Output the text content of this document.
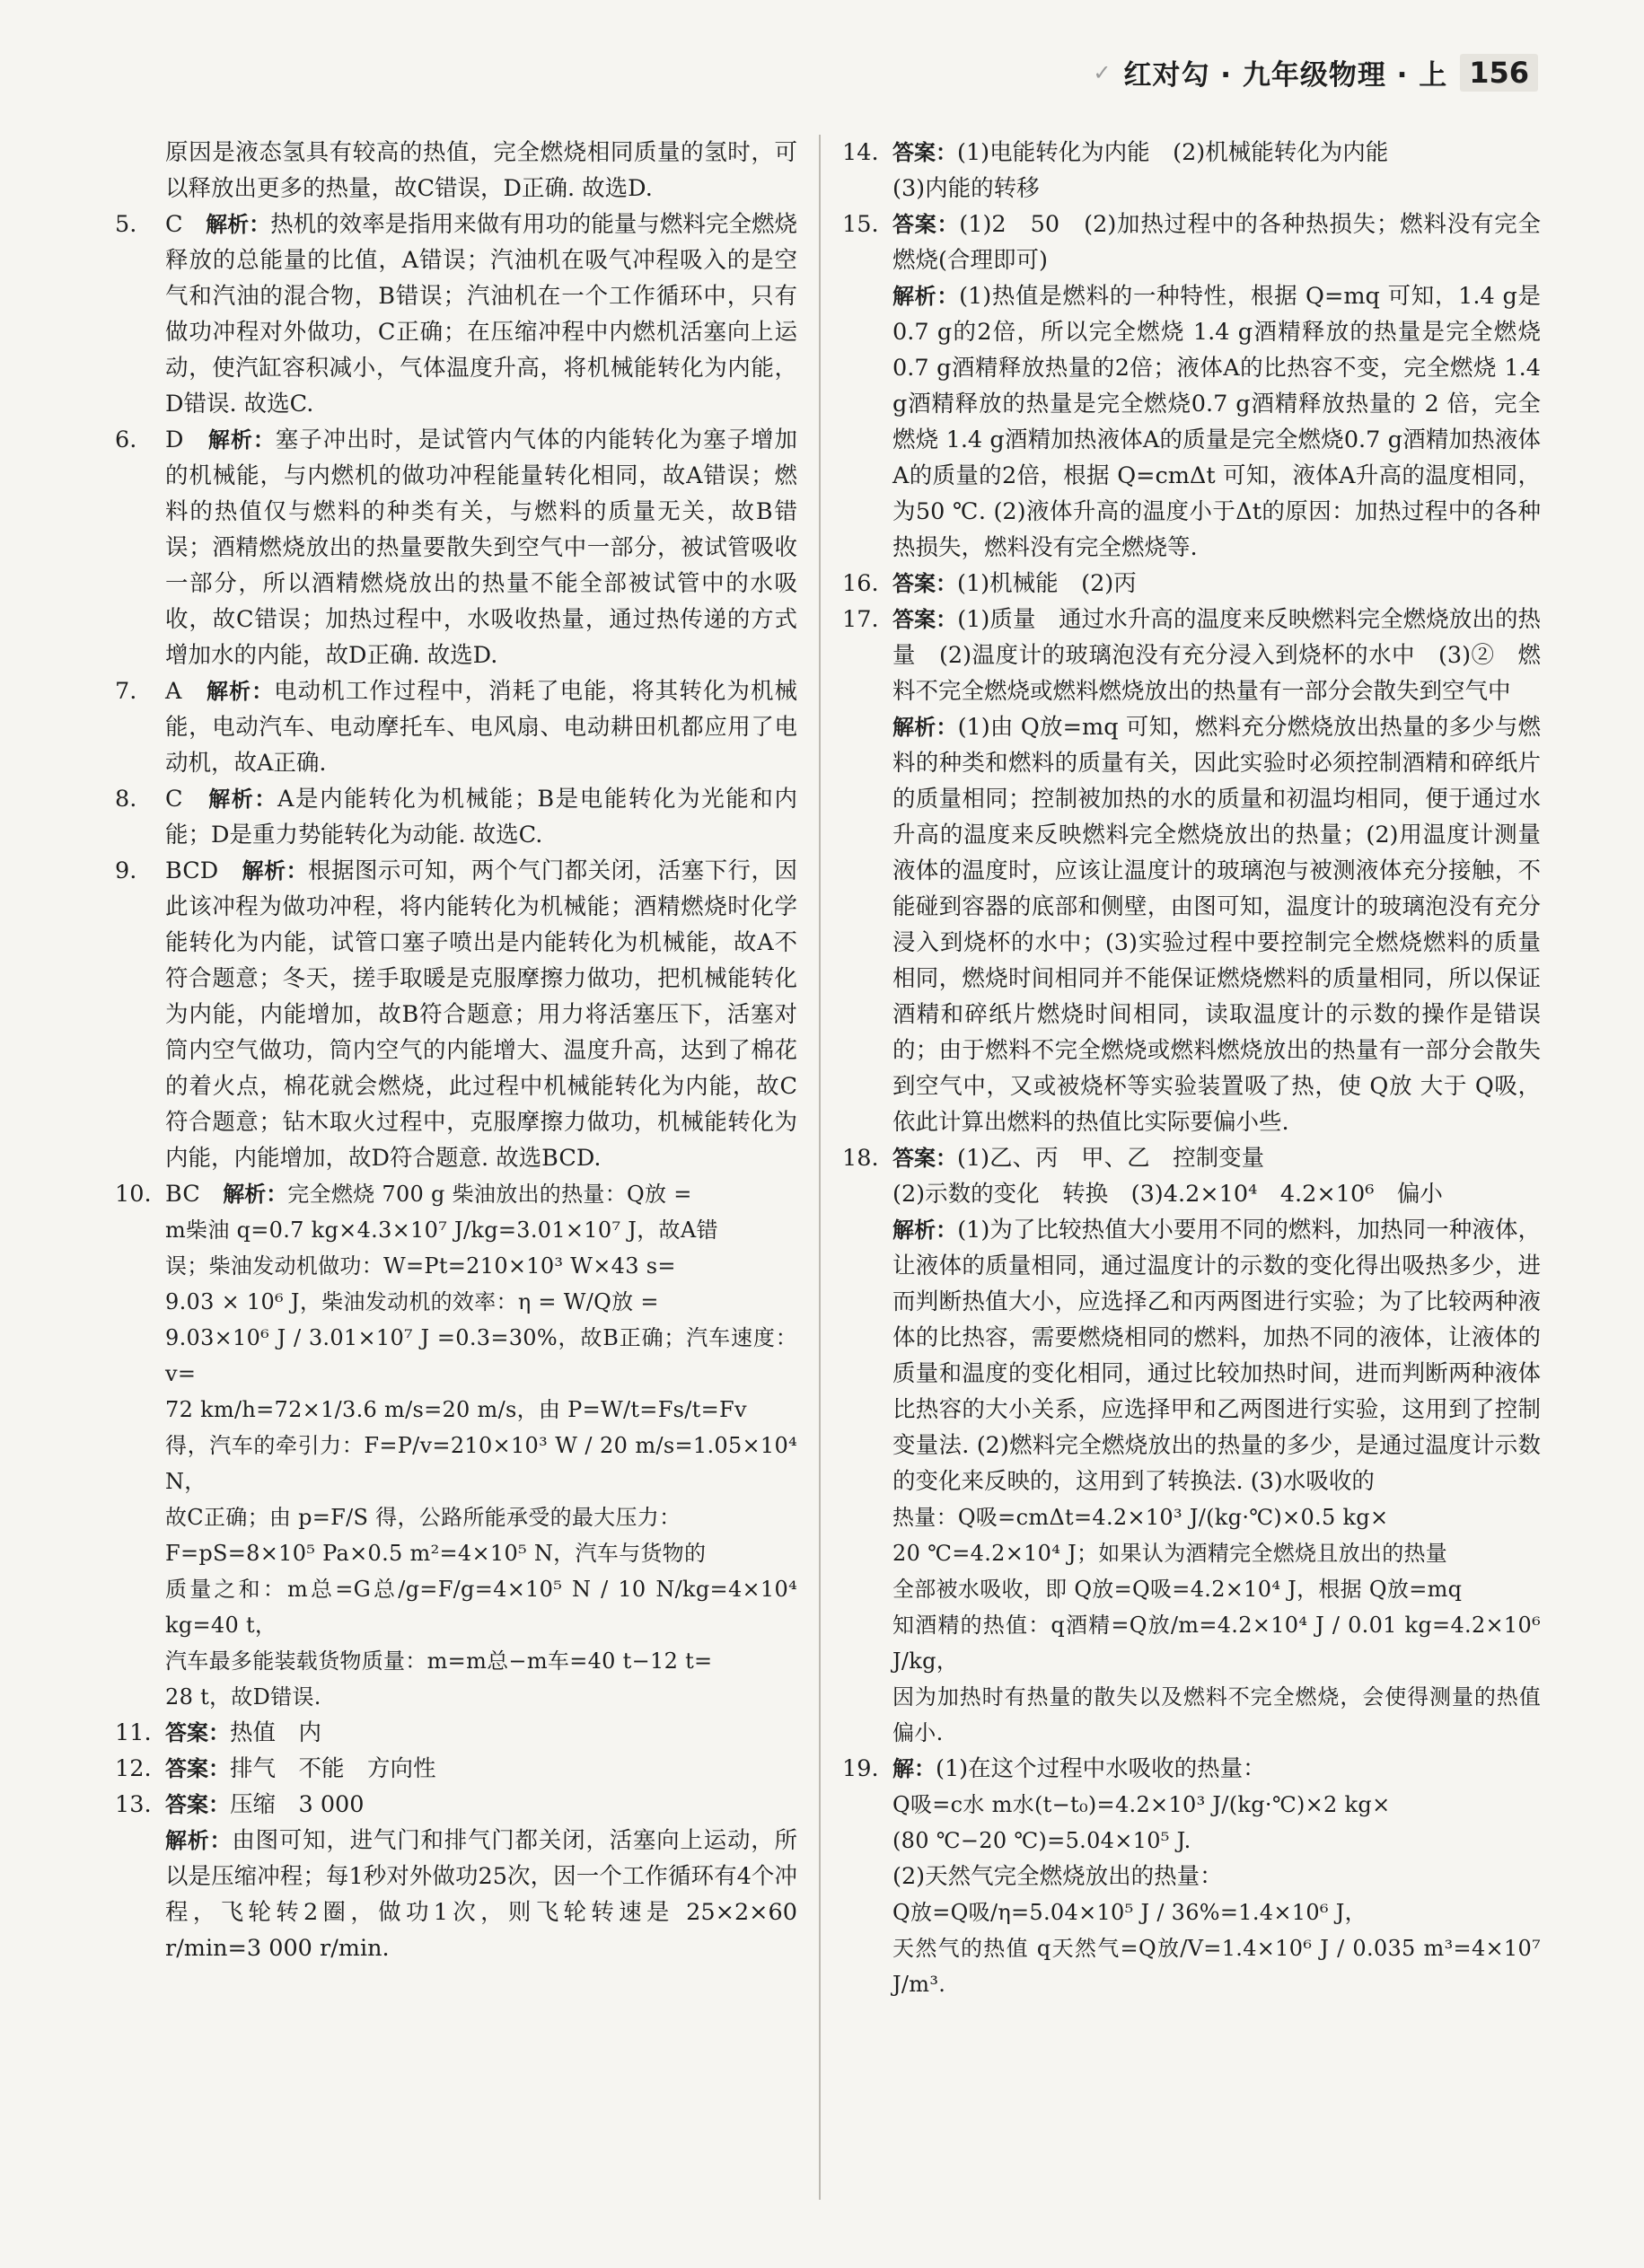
✓ 红对勾 · 九年级物理 · 上 156
原因是液态氢具有较高的热值，完全燃烧相同质量的氢时，可以释放出更多的热量，故C错误，D正确. 故选D.
5.	C　 解析：热机的效率是指用来做有用功的能量与燃料完全燃烧释放的总能量的比值，A错误；汽油机在吸气冲程吸入的是空气和汽油的混合物，B错误；汽油机在一个工作循环中，只有做功冲程对外做功，C正确；在压缩冲程中内燃机活塞向上运动，使汽缸容积减小，气体温度升高，将机械能转化为内能，D错误. 故选C.
6.	D　 解析：塞子冲出时，是试管内气体的内能转化为塞子增加的机械能，与内燃机的做功冲程能量转化相同，故A错误；燃料的热值仅与燃料的种类有关，与燃料的质量无关，故B错误；酒精燃烧放出的热量要散失到空气中一部分，被试管吸收一部分，所以酒精燃烧放出的热量不能全部被试管中的水吸收，故C错误；加热过程中，水吸收热量，通过热传递的方式增加水的内能，故D正确. 故选D.
7.	A　 解析：电动机工作过程中，消耗了电能，将其转化为机械能，电动汽车、电动摩托车、电风扇、电动耕田机都应用了电动机，故A正确.
8.	C　 解析：A是内能转化为机械能；B是电能转化为光能和内能；D是重力势能转化为动能. 故选C.
9.	BCD　 解析：根据图示可知，两个气门都关闭，活塞下行，因此该冲程为做功冲程，将内能转化为机械能；酒精燃烧时化学能转化为内能，试管口塞子喷出是内能转化为机械能，故A不符合题意；冬天，搓手取暖是克服摩擦力做功，把机械能转化为内能，内能增加，故B符合题意；用力将活塞压下，活塞对筒内空气做功，筒内空气的内能增大、温度升高，达到了棉花的着火点，棉花就会燃烧，此过程中机械能转化为内能，故C符合题意；钻木取火过程中，克服摩擦力做功，机械能转化为内能，内能增加，故D符合题意. 故选BCD.
10. BC　 解析：完全燃烧 700 g 柴油放出的热量：Q放 =
m柴油 q=0.7 kg×4.3×10⁷ J/kg=3.01×10⁷ J，故A错
误；柴油发动机做功：W=Pt=210×10³ W×43 s=
9.03 × 10⁶ J，柴油发动机的效率：η = W/Q放 =
9.03×10⁶ J / 3.01×10⁷ J =0.3=30%，故B正确；汽车速度：v=
72 km/h=72×1/3.6 m/s=20 m/s，由 P=W/t=Fs/t=Fv
得，汽车的牵引力：F=P/v=210×10³ W / 20 m/s=1.05×10⁴ N，
故C正确；由 p=F/S 得，公路所能承受的最大压力：
F=pS=8×10⁵ Pa×0.5 m²=4×10⁵ N，汽车与货物的
质量之和：m总=G总/g=F/g=4×10⁵ N / 10 N/kg=4×10⁴ kg=40 t，
汽车最多能装载货物质量：m=m总−m车=40 t−12 t=
28 t，故D错误.
11. 答案：热值　内
12. 答案：排气　不能　方向性
13. 答案：压缩　3 000
解析：由图可知，进气门和排气门都关闭，活塞向上运动，所以是压缩冲程；每1秒对外做功25次，因一个工作循环有4个冲程，飞轮转2圈，做功1次，则飞轮转速是 25×2×60 r/min=3 000 r/min.
14. 答案：(1)电能转化为内能　(2)机械能转化为内能
(3)内能的转移
15. 答案：(1)2　50　(2)加热过程中的各种热损失；燃料没有完全燃烧(合理即可)
解析：(1)热值是燃料的一种特性，根据 Q=mq 可知，1.4 g是0.7 g的2倍，所以完全燃烧 1.4 g酒精释放的热量是完全燃烧0.7 g酒精释放热量的2倍；液体A的比热容不变，完全燃烧 1.4 g酒精释放的热量是完全燃烧0.7 g酒精释放热量的 2 倍，完全燃烧 1.4 g酒精加热液体A的质量是完全燃烧0.7 g酒精加热液体A的质量的2倍，根据 Q=cmΔt 可知，液体A升高的温度相同，为50 ℃. (2)液体升高的温度小于Δt的原因：加热过程中的各种热损失，燃料没有完全燃烧等.
16. 答案：(1)机械能　(2)丙
17. 答案：(1)质量　通过水升高的温度来反映燃料完全燃烧放出的热量　(2)温度计的玻璃泡没有充分浸入到烧杯的水中　(3)②　燃料不完全燃烧或燃料燃烧放出的热量有一部分会散失到空气中
解析：(1)由 Q放=mq 可知，燃料充分燃烧放出热量的多少与燃料的种类和燃料的质量有关，因此实验时必须控制酒精和碎纸片的质量相同；控制被加热的水的质量和初温均相同，便于通过水升高的温度来反映燃料完全燃烧放出的热量；(2)用温度计测量液体的温度时，应该让温度计的玻璃泡与被测液体充分接触，不能碰到容器的底部和侧壁，由图可知，温度计的玻璃泡没有充分浸入到烧杯的水中；(3)实验过程中要控制完全燃烧燃料的质量相同，燃烧时间相同并不能保证燃烧燃料的质量相同，所以保证酒精和碎纸片燃烧时间相同，读取温度计的示数的操作是错误的；由于燃料不完全燃烧或燃料燃烧放出的热量有一部分会散失到空气中，又或被烧杯等实验装置吸了热，使 Q放 大于 Q吸，依此计算出燃料的热值比实际要偏小些.
18. 答案：(1)乙、丙　甲、乙　控制变量
(2)示数的变化　转换　(3)4.2×10⁴　4.2×10⁶　偏小
解析：(1)为了比较热值大小要用不同的燃料，加热同一种液体，让液体的质量相同，通过温度计的示数的变化得出吸热多少，进而判断热值大小，应选择乙和丙两图进行实验；为了比较两种液体的比热容，需要燃烧相同的燃料，加热不同的液体，让液体的质量和温度的变化相同，通过比较加热时间，进而判断两种液体比热容的大小关系，应选择甲和乙两图进行实验，这用到了控制变量法. (2)燃料完全燃烧放出的热量的多少，是通过温度计示数的变化来反映的，这用到了转换法. (3)水吸收的
热量：Q吸=cmΔt=4.2×10³ J/(kg·℃)×0.5 kg×
20 ℃=4.2×10⁴ J；如果认为酒精完全燃烧且放出的热量
全部被水吸收，即 Q放=Q吸=4.2×10⁴ J，根据 Q放=mq
知酒精的热值：q酒精=Q放/m=4.2×10⁴ J / 0.01 kg=4.2×10⁶ J/kg，
因为加热时有热量的散失以及燃料不完全燃烧，会使得测量的热值偏小.
19. 解：(1)在这个过程中水吸收的热量：
Q吸=c水 m水(t−t₀)=4.2×10³ J/(kg·℃)×2 kg×
(80 ℃−20 ℃)=5.04×10⁵ J.
(2)天然气完全燃烧放出的热量：
Q放=Q吸/η=5.04×10⁵ J / 36%=1.4×10⁶ J，
天然气的热值 q天然气=Q放/V=1.4×10⁶ J / 0.035 m³=4×10⁷ J/m³.
